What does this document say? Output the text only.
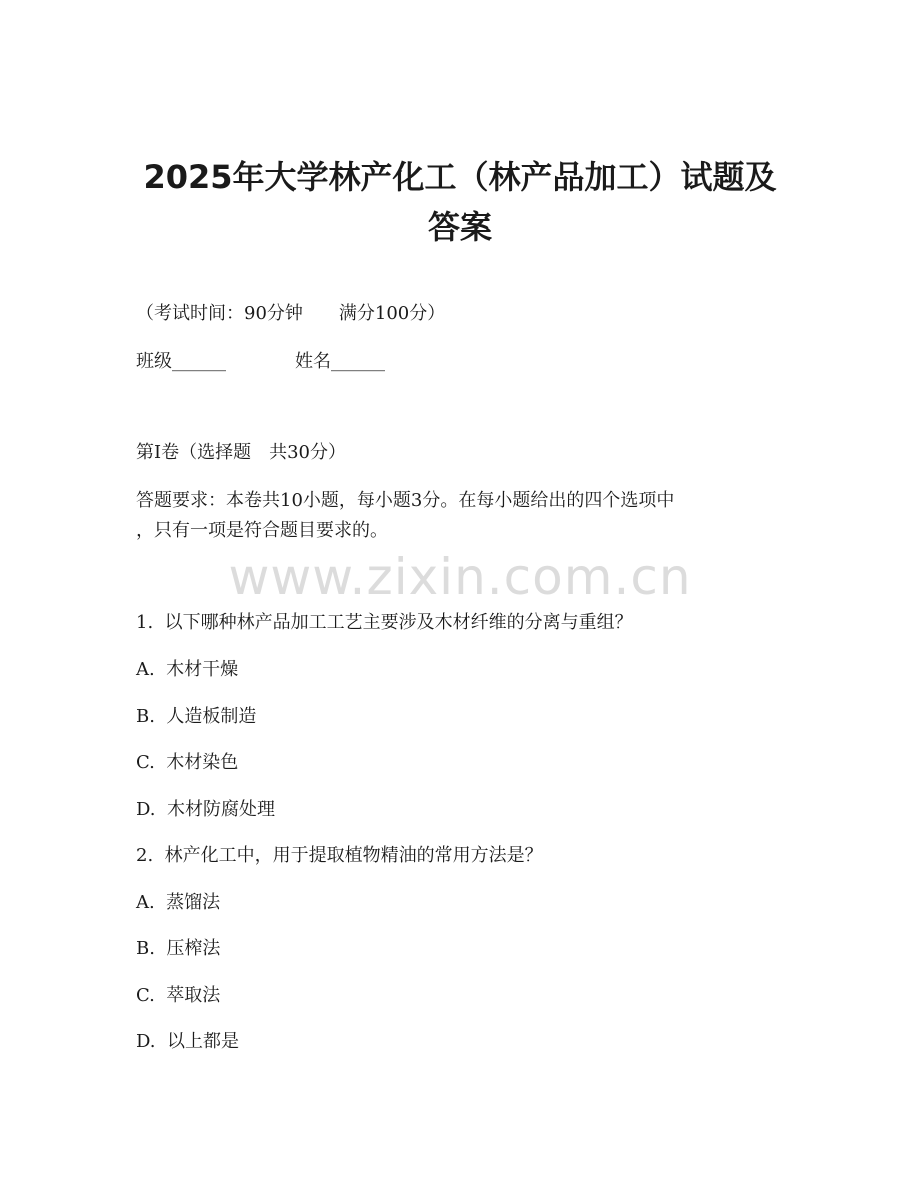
2025年大学林产化工（林产品加工）试题及
答案
（考试时间：90分钟　　满分100分）
班级______	姓名______
第I卷（选择题　共30分）
答题要求：本卷共10小题，每小题3分。在每小题给出的四个选项中
，只有一项是符合题目要求的。
www.zixin.com.cn
1.  以下哪种林产品加工工艺主要涉及木材纤维的分离与重组？
A.  木材干燥
B.  人造板制造
C.  木材染色
D.  木材防腐处理
2.  林产化工中，用于提取植物精油的常用方法是？
A.  蒸馏法
B.  压榨法
C.  萃取法
D.  以上都是
